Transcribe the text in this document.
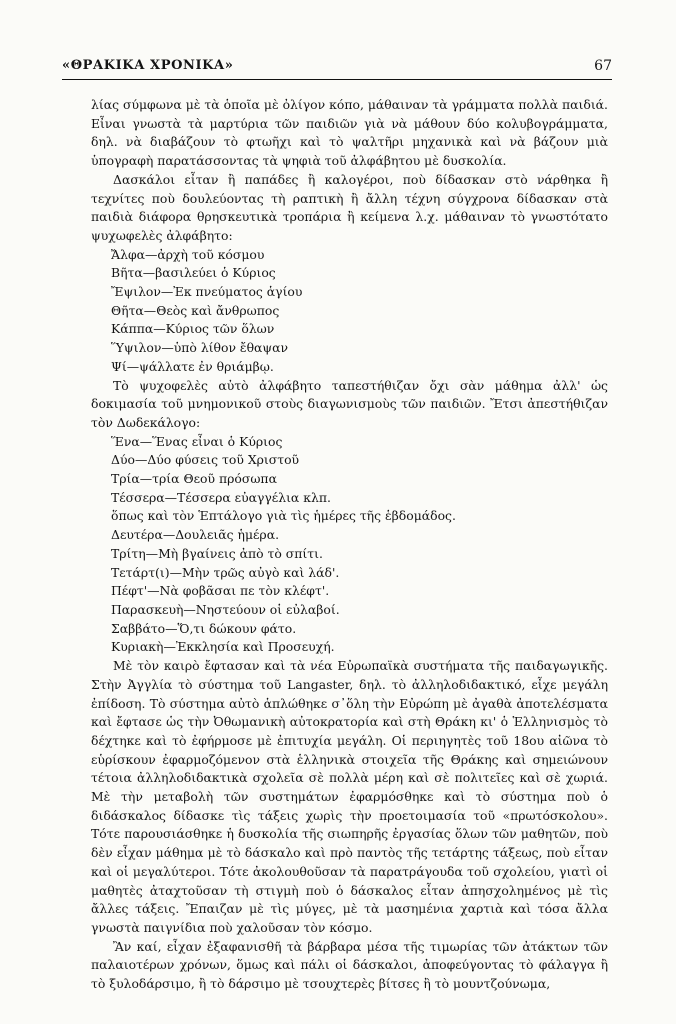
«ΘΡΑΚΙΚΑ ΧΡΟΝΙΚΑ»	67

λίας σύμφωνα μὲ τὰ ὁποῖα μὲ ὀλίγον κόπο, μάθαιναν τὰ γράμματα πολλὰ παιδιά. Εἶναι γνωστὰ τὰ μαρτύρια τῶν παιδιῶν γιὰ νὰ μάθουν δύο κολυβογράμματα, δηλ. νὰ διαβάζουν τὸ φτωῆχι καὶ τὸ ψαλτῆρι μηχανικὰ καὶ νὰ βάζουν μιὰ ὑπογραφὴ παρατάσσοντας τὰ ψηφιὰ τοῦ ἀλφάβητου μὲ δυσκολία.

Δασκάλοι εἶταν ἢ παπάδες ἢ καλογέροι, ποὺ δίδασκαν στὸ νάρθηκα ἢ τεχνίτες ποὺ δουλεύοντας τὴ ραπτικὴ ἢ ἄλλη τέχνη σύγχρονα δίδασκαν στὰ παιδιὰ διάφορα θρησκευτικὰ τροπάρια ἢ κείμενα λ.χ. μάθαιναν τὸ γνωστότατο ψυχωφελὲς ἀλφάβητο:

Ἄλφα—ἀρχὴ τοῦ κόσμου

Βῆτα—βασιλεύει ὁ Κύριος

Ἔψιλον—Ἐκ πνεύματος ἁγίου

Θῆτα—Θεὸς καὶ ἄνθρωπος

Κάππα—Κύριος τῶν ὅλων

Ὕψιλον—ὑπὸ λίθον ἔθαψαν

Ψί—ψάλλατε ἐν θριάμβῳ.

Τὸ ψυχοφελὲς αὐτὸ ἀλφάβητο ταπεστήθιζαν ὄχι σὰν μάθημα ἀλλ' ὡς δοκιμασία τοῦ μνημονικοῦ στοὺς διαγωνισμοὺς τῶν παιδιῶν. Ἔτσι ἀπεστήθιζαν τὸν Δωδεκάλογο:

Ἕνα—Ἕνας εἶναι ὁ Κύριος

Δύο—Δύο φύσεις τοῦ Χριστοῦ

Τρία—τρία Θεοῦ πρόσωπα

Τέσσερα—Τέσσερα εὐαγγέλια κλπ.

ὅπως καὶ τὸν Ἑπτάλογο γιὰ τὶς ἡμέρες τῆς ἑβδομάδος.

Δευτέρα—Δουλειᾶς ἡμέρα.

Τρίτη—Μὴ βγαίνεις ἀπὸ τὸ σπίτι.

Τετάρτ(ι)—Μὴν τρῶς αὐγὸ καὶ λάδ'.

Πέφτ'—Νὰ φοβᾶσαι πε τὸν κλέφτ'.

Παρασκευὴ—Νηστεύουν οἱ εὐλαβοί.

Σαββάτο—Ὅ,τι δώκουν φάτο.

Κυριακὴ—Ἐκκλησία καὶ Προσευχή.

Μὲ τὸν καιρὸ ἔφτασαν καὶ τὰ νέα Εὐρωπαϊκὰ συστήματα τῆς παιδαγωγικῆς. Στὴν Ἀγγλία τὸ σύστημα τοῦ Langaster, δηλ. τὸ ἀλληλοδιδακτικό, εἶχε μεγάλη ἐπίδοση. Τὸ σύστημα αὐτὸ ἁπλώθηκε σ᾽ὅλη τὴν Εὐρώπη μὲ ἀγαθὰ ἀποτελέσματα καὶ ἔφτασε ὡς τὴν Ὀθωμανικὴ αὐτοκρατορία καὶ στὴ Θράκη κι' ὁ Ἑλληνισμὸς τὸ δέχτηκε καὶ τὸ ἐφήρμοσε μὲ ἐπιτυχία μεγάλη. Οἱ περιηγητὲς τοῦ 18ου αἰῶνα τὸ εὑρίσκουν ἐφαρμοζόμενον στὰ ἑλληνικὰ στοιχεῖα τῆς Θράκης καὶ σημειώνουν τέτοια ἀλληλοδιδακτικὰ σχολεῖα σὲ πολλὰ μέρη καὶ σὲ πολιτεῖες καὶ σὲ χωριά. Μὲ τὴν μεταβολὴ τῶν συστημάτων ἐφαρμόσθηκε καὶ τὸ σύστημα ποὺ ὁ διδάσκαλος δίδασκε τὶς τάξεις χωρὶς τὴν προετοιμασία τοῦ «πρωτόσκολου». Τότε παρουσιάσθηκε ἡ δυσκολία τῆς σιωπηρῆς ἐργασίας ὅλων τῶν μαθητῶν, ποὺ δὲν εἶχαν μάθημα μὲ τὸ δάσκαλο καὶ πρὸ παντὸς τῆς τετάρτης τάξεως, ποὺ εἶταν καὶ οἱ μεγαλύτεροι. Τότε ἀκολουθοῦσαν τὰ παρατράγουδα τοῦ σχολείου, γιατὶ οἱ μαθητὲς ἀταχτοῦσαν τὴ στιγμὴ ποὺ ὁ δάσκαλος εἶταν ἀπησχολημένος μὲ τὶς ἄλλες τάξεις. Ἔπαιζαν μὲ τὶς μύγες, μὲ τὰ μασημένια χαρτιὰ καὶ τόσα ἄλλα γνωστὰ παιγνίδια ποὺ χαλοῦσαν τὸν κόσμο.

Ἂν καί, εἶχαν ἐξαφανισθῆ τὰ βάρβαρα μέσα τῆς τιμωρίας τῶν ἀτάκτων τῶν παλαιοτέρων χρόνων, ὅμως καὶ πάλι οἱ δάσκαλοι, ἀποφεύγοντας τὸ φάλαγγα ἢ τὸ ξυλοδάρσιμο, ἢ τὸ δάρσιμο μὲ τσουχτερὲς βίτσες ἢ τὸ μουντζούνωμα,
